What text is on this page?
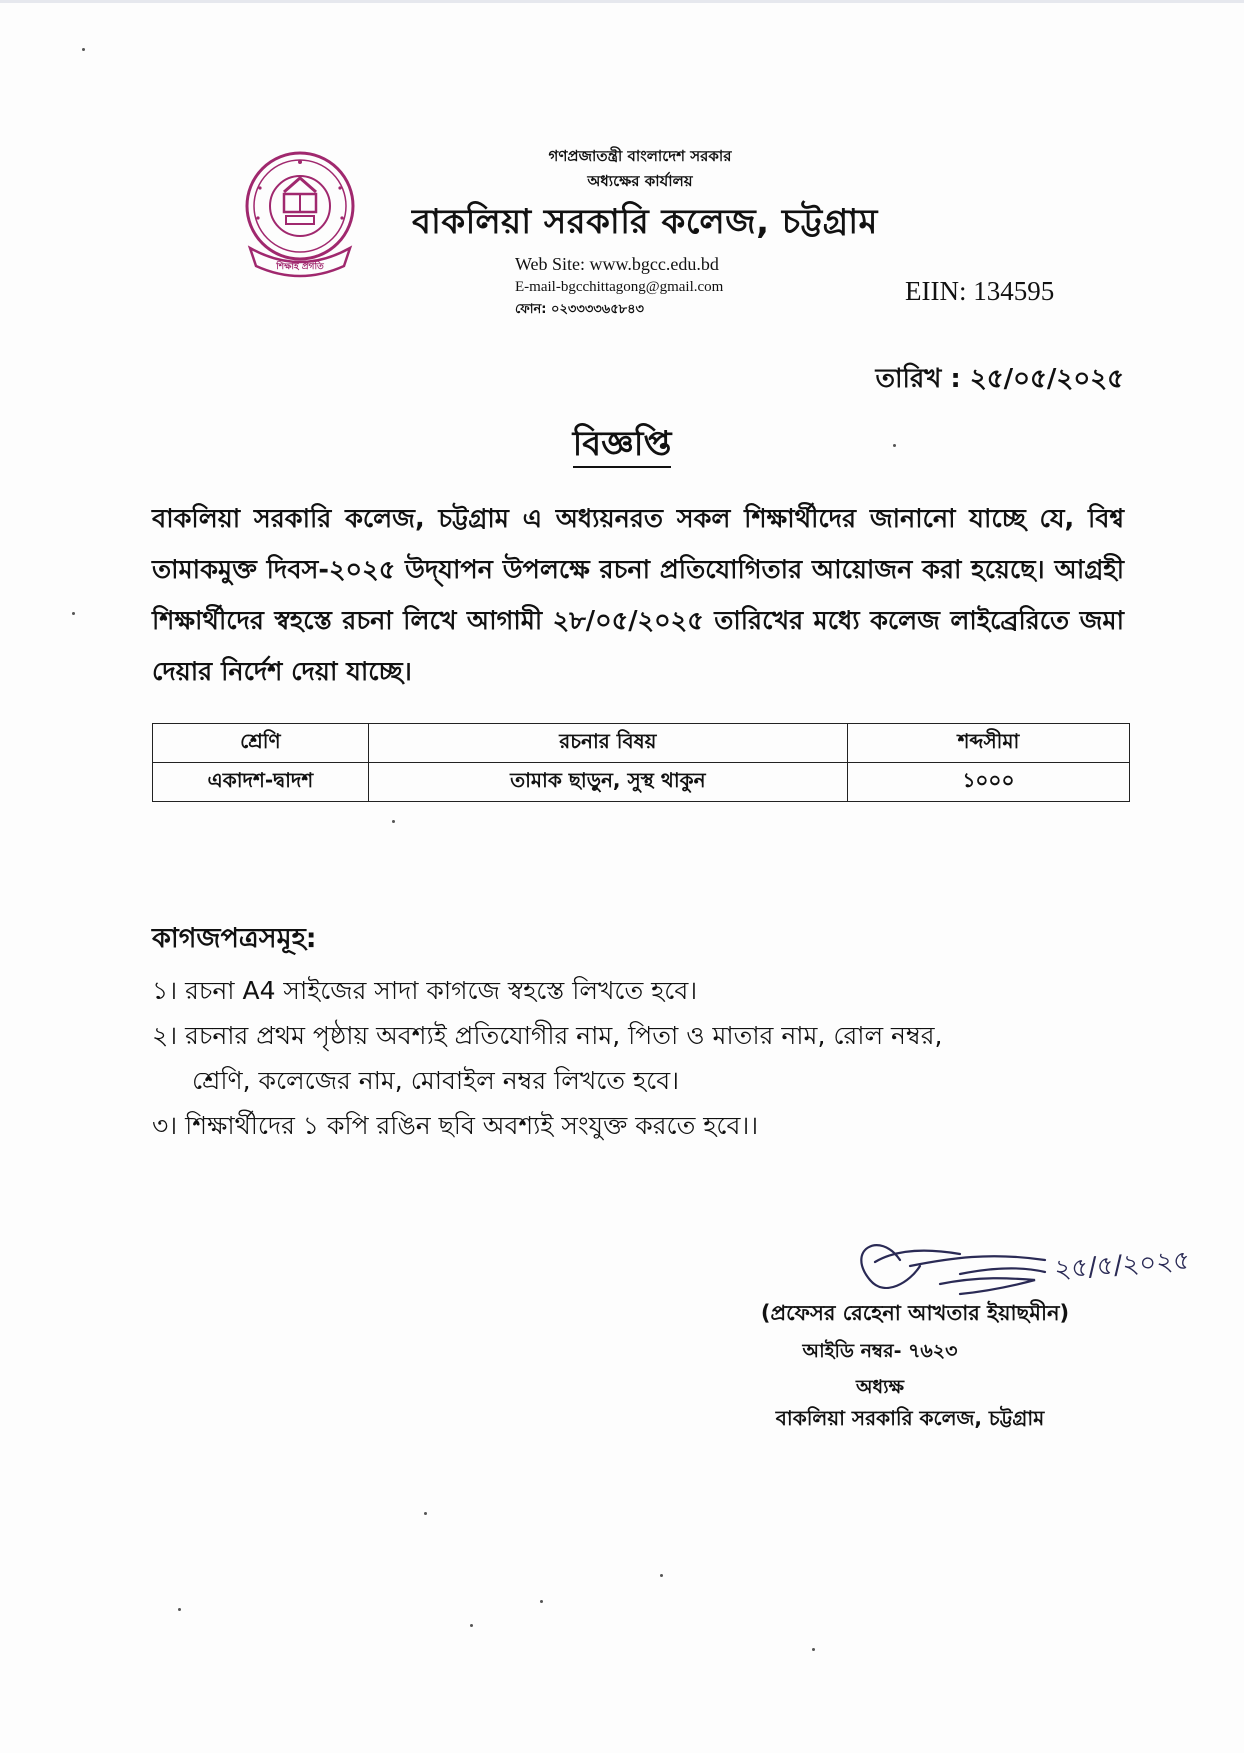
শিক্ষাই প্রগতি
গণপ্রজাতন্ত্রী বাংলাদেশ সরকার
অধ্যক্ষের কার্যালয়
বাকলিয়া সরকারি কলেজ, চট্টগ্রাম
Web Site: www.bgcc.edu.bd
E-mail-bgcchittagong@gmail.com
ফোন: ০২৩৩৩৩৬৫৮৪৩
EIIN: 134595
তারিখ : ২৫/০৫/২০২৫
বিজ্ঞপ্তি
বাকলিয়া সরকারি কলেজ, চট্টগ্রাম এ অধ্যয়নরত সকল শিক্ষার্থীদের জানানো যাচ্ছে যে, বিশ্ব তামাকমুক্ত দিবস-২০২৫ উদ্‌যাপন উপলক্ষে রচনা প্রতিযোগিতার আয়োজন করা হয়েছে। আগ্রহী শিক্ষার্থীদের স্বহস্তে রচনা লিখে আগামী ২৮/০৫/২০২৫ তারিখের মধ্যে কলেজ লাইব্রেরিতে জমা দেয়ার নির্দেশ দেয়া যাচ্ছে।
শ্রেণি	রচনার বিষয়	শব্দসীমা
একাদশ-দ্বাদশ	তামাক ছাড়ুন, সুস্থ থাকুন	১০০০
কাগজপত্রসমূহ:
১। রচনা A4 সাইজের সাদা কাগজে স্বহস্তে লিখতে হবে।
২। রচনার প্রথম পৃষ্ঠায় অবশ্যই প্রতিযোগীর নাম, পিতা ও মাতার নাম, রোল নম্বর,
শ্রেণি, কলেজের নাম, মোবাইল নম্বর লিখতে হবে।
৩। শিক্ষার্থীদের ১ কপি রঙিন ছবি অবশ্যই সংযুক্ত করতে হবে।।
২৫/৫/২০২৫
(প্রফেসর রেহেনা আখতার ইয়াছমীন)
আইডি নম্বর- ৭৬২৩
অধ্যক্ষ
বাকলিয়া সরকারি কলেজ, চট্টগ্রাম
